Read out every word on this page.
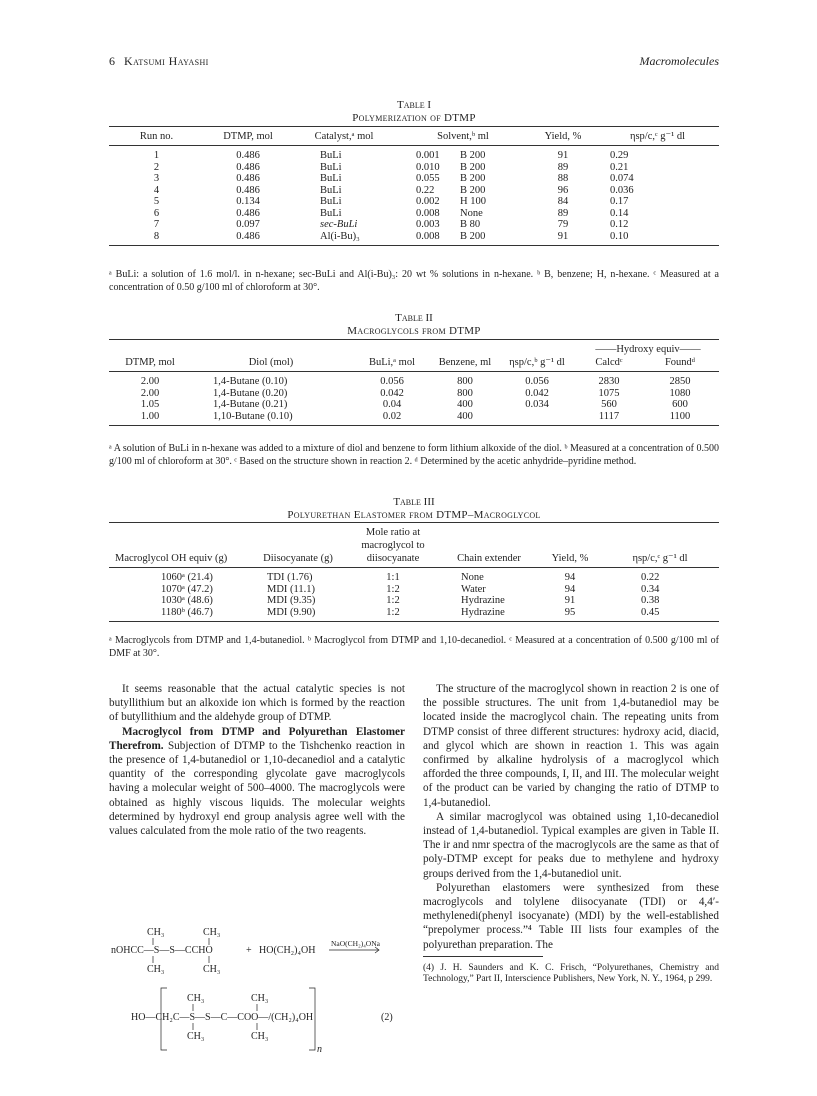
6 Katsumi Hayashi	Macromolecules
Table I
Polymerization of DTMP
Run no.	DTMP, mol	Catalyst,ᵃ mol	Solvent,ᵇ ml		Yield, %	ηsp/c,ᶜ g⁻¹ dl
1	0.486	BuLi	0.001	B 200	91	0.29
2	0.486	BuLi	0.010	B 200	89	0.21
3	0.486	BuLi	0.055	B 200	88	0.074
4	0.486	BuLi	0.22	B 200	96	0.036
5	0.134	BuLi	0.002	H 100	84	0.17
6	0.486	BuLi	0.008	None	89	0.14
7	0.097	sec-BuLi	0.003	B 80	79	0.12
8	0.486	Al(i-Bu)₃	0.008	B 200	91	0.10
ᵃ BuLi: a solution of 1.6 mol/l. in n-hexane; sec-BuLi and Al(i-Bu)₃: 20 wt % solutions in n-hexane. ᵇ B, benzene; H, n-hexane. ᶜ Measured at a concentration of 0.50 g/100 ml of chloroform at 30°.
Table II
Macroglycols from DTMP
					——Hydroxy equiv——	
DTMP, mol	Diol (mol)	BuLi,ᵃ mol	Benzene, ml	ηsp/c,ᵇ g⁻¹ dl	Calcdᶜ	Foundᵈ
2.00	1,4-Butane (0.10)	0.056	800	0.056	2830	2850
2.00	1,4-Butane (0.20)	0.042	800	0.042	1075	1080
1.05	1,4-Butane (0.21)	0.04	400	0.034	560	600
1.00	1,10-Butane (0.10)	0.02	400		1117	1100
ᵃ A solution of BuLi in n-hexane was added to a mixture of diol and benzene to form lithium alkoxide of the diol. ᵇ Measured at a concentration of 0.500 g/100 ml of chloroform at 30°. ᶜ Based on the structure shown in reaction 2. ᵈ Determined by the acetic anhydride–pyridine method.
Table III
Polyurethan Elastomer from DTMP–Macroglycol
Macroglycol OH equiv (g)	Diisocyanate (g)	Mole ratio at macroglycol to diisocyanate	Chain extender	Yield, %	ηsp/c,ᶜ g⁻¹ dl
1060ᵃ (21.4)	TDI (1.76)	1:1	None	94	0.22
1070ᵃ (47.2)	MDI (11.1)	1:2	Water	94	0.34
1030ᵃ (48.6)	MDI (9.35)	1:2	Hydrazine	91	0.38
1180ᵇ (46.7)	MDI (9.90)	1:2	Hydrazine	95	0.45
ᵃ Macroglycols from DTMP and 1,4-butanediol. ᵇ Macroglycol from DTMP and 1,10-decanediol. ᶜ Measured at a concentration of 0.500 g/100 ml of DMF at 30°.

It seems reasonable that the actual catalytic species is not butyllithium but an alkoxide ion which is formed by the reaction of butyllithium and the aldehyde group of DTMP.

Macroglycol from DTMP and Polyurethan Elastomer Therefrom. Subjection of DTMP to the Tishchenko reaction in the presence of 1,4-butanediol or 1,10-decanediol and a catalytic quantity of the corresponding glycolate gave macroglycols having a molecular weight of 500–4000. The macroglycols were obtained as highly viscous liquids. The molecular weights determined by hydroxyl end group analysis agree well with the values calculated from the mole ratio of the two reagents.

CH₃	CH₃
nOHCC—S—S—CCHO	+ HO(CH₂)₄OH
NaO(CH₂)₄ONa
CH₃	CH₃
CH₃	CH₃
HO—CH₂C—S—S—C—COO—/(CH₂)₄OH
CH₃	CH₃
n
(2)

The structure of the macroglycol shown in reaction 2 is one of the possible structures. The unit from 1,4-butanediol may be located inside the macroglycol chain. The repeating units from DTMP consist of three different structures: hydroxy acid, diacid, and glycol which are shown in reaction 1. This was again confirmed by alkaline hydrolysis of a macroglycol which afforded the three compounds, I, II, and III. The molecular weight of the product can be varied by changing the ratio of DTMP to 1,4-butanediol.

A similar macroglycol was obtained using 1,10-decanediol instead of 1,4-butanediol. Typical examples are given in Table II. The ir and nmr spectra of the macroglycols are the same as that of poly-DTMP except for peaks due to methylene and hydroxy groups derived from the 1,4-butanediol unit.

Polyurethan elastomers were synthesized from these macroglycols and tolylene diisocyanate (TDI) or 4,4′-methylenedi(phenyl isocyanate) (MDI) by the well-established “prepolymer process.”⁴ Table III lists four examples of the polyurethan preparation. The

(4) J. H. Saunders and K. C. Frisch, “Polyurethanes, Chemistry and Technology,” Part II, Interscience Publishers, New York, N. Y., 1964, p 299.
